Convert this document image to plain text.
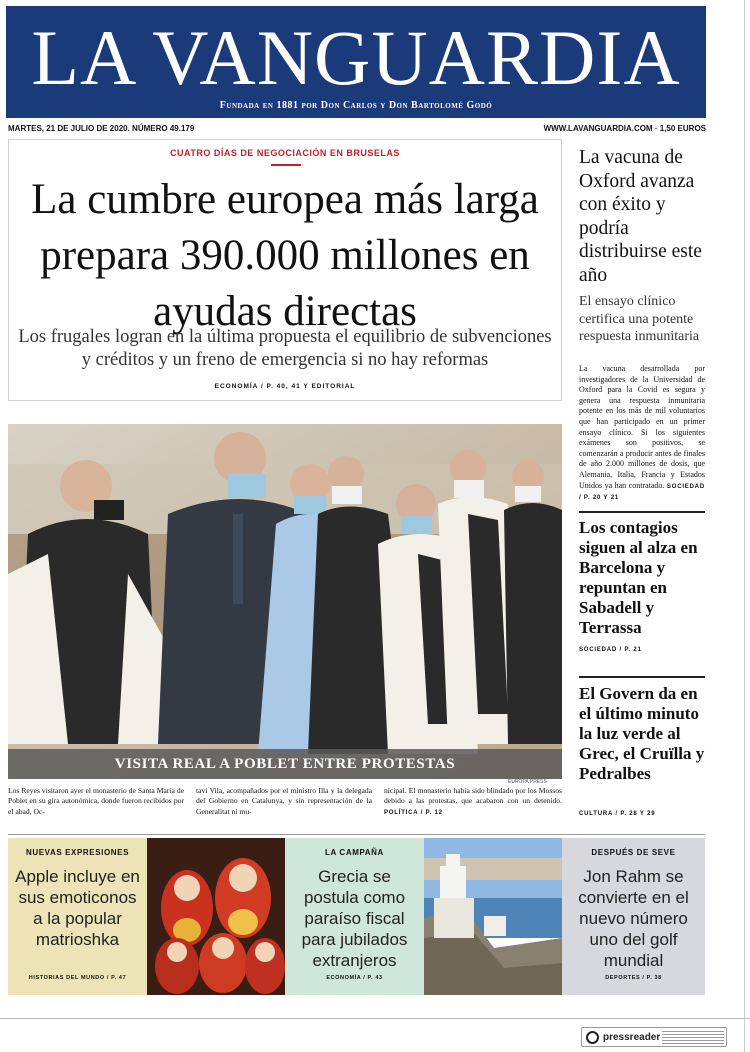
LA VANGUARDIA
Fundada en 1881 por Don Carlos y Don Bartolomé Godó
MARTES, 21 DE JULIO DE 2020. NÚMERO 49.179	WWW.LAVANGUARDIA.COM · 1,50 EUROS
CUATRO DÍAS DE NEGOCIACIÓN EN BRUSELAS
La cumbre europea más larga prepara 390.000 millones en ayudas directas
Los frugales logran en la última propuesta el equilibrio de subvenciones y créditos y un freno de emergencia si no hay reformas
ECONOMÍA / P. 40, 41 Y EDITORIAL
La vacuna de Oxford avanza con éxito y podría distribuirse este año
El ensayo clínico certifica una potente respuesta inmunitaria
La vacuna desarrollada por investigadores de la Universidad de Oxford para la Covid es segura y genera una respuesta inmunitaria potente en los más de mil voluntarios que han participado en un primer ensayo clínico. Si los siguientes exámenes son positivos, se comenzarán a producir antes de finales de año 2.000 millones de dosis, que Alemania, Italia, Francia y Estados Unidos ya han contratado. SOCIEDAD / P. 20 Y 21
Los contagios siguen al alza en Barcelona y repuntan en Sabadell y Terrassa
SOCIEDAD / P. 21
El Govern da en el último minuto la luz verde al Grec, el Cruïlla y Pedralbes
CULTURA / P. 28 Y 29
VISITA REAL A POBLET ENTRE PROTESTAS
EUROPA PRESS
Los Reyes visitaron ayer el monasterio de Santa María de Poblet en su gira autonómica, donde fueron recibidos por el abad, Oc-
tavi Vila, acompañados por el ministro Illa y la delegada del Gobierno en Catalunya, y sin representación de la Generalitat ni mu-
nicipal. El monasterio había sido blindado por los Mossos debido a las protestas, que acabaron con un detenido. POLÍTICA / P. 12
NUEVAS EXPRESIONES
Apple incluye en sus emoticonos a la popular matrioshka
HISTORIAS DEL MUNDO / P. 47
LA CAMPAÑA
Grecia se postula como paraíso fiscal para jubilados extranjeros
ECONOMÍA / P. 43
DESPUÉS DE SEVE
Jon Rahm se convierte en el nuevo número uno del golf mundial
DEPORTES / P. 38
pressreader
